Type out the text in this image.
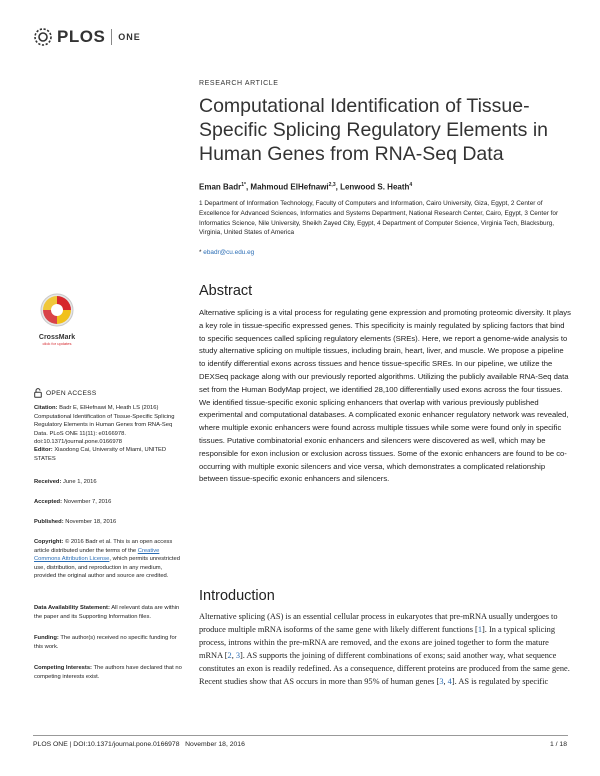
PLOS ONE
RESEARCH ARTICLE
Computational Identification of Tissue-Specific Splicing Regulatory Elements in Human Genes from RNA-Seq Data
Eman Badr$^{1*}$, Mahmoud ElHefnawi$^{2,3}$, Lenwood S. Heath$^4$
1 Department of Information Technology, Faculty of Computers and Information, Cairo University, Giza, Egypt, 2 Center of Excellence for Advanced Sciences, Informatics and Systems Department, National Research Center, Cairo, Egypt, 3 Center for Informatics Science, Nile University, Sheikh Zayed City, Egypt, 4 Department of Computer Science, Virginia Tech, Blacksburg, Virginia, United States of America
* ebadr@cu.edu.eg
Abstract
Alternative splicing is a vital process for regulating gene expression and promoting proteomic diversity. It plays a key role in tissue-specific expressed genes. This specificity is mainly regulated by splicing factors that bind to specific sequences called splicing regulatory elements (SREs). Here, we report a genome-wide analysis to study alternative splicing on multiple tissues, including brain, heart, liver, and muscle. We propose a pipeline to identify differential exons across tissues and hence tissue-specific SREs. In our pipeline, we utilize the DEXSeq package along with our previously reported algorithms. Utilizing the publicly available RNA-Seq data set from the Human BodyMap project, we identified 28,100 differentially used exons across the four tissues. We identified tissue-specific exonic splicing enhancers that overlap with various previously published experimental and computational databases. A complicated exonic enhancer regulatory network was revealed, where multiple exonic enhancers were found across multiple tissues while some were found only in specific tissues. Putative combinatorial exonic enhancers and silencers were discovered as well, which may be responsible for exon inclusion or exclusion across tissues. Some of the exonic enhancers are found to be co-occurring with multiple exonic silencers and vice versa, which demonstrates a complicated relationship between tissue-specific exonic enhancers and silencers.
Introduction
Alternative splicing (AS) is an essential cellular process in eukaryotes that pre-mRNA usually undergoes to produce multiple mRNA isoforms of the same gene with likely different functions [1]. In a typical splicing process, introns within the pre-mRNA are removed, and the exons are joined together to form the mature mRNA [2, 3]. AS supports the joining of different combinations of exons; said another way, what sequence constitutes an exon is readily redefined. As a consequence, different proteins are produced from the same gene. Recent studies show that AS occurs in more than 95% of human genes [3, 4]. AS is regulated by specific
CrossMark
click for updates
OPEN ACCESS
Citation: Badr E, ElHefnawi M, Heath LS (2016) Computational Identification of Tissue-Specific Splicing Regulatory Elements in Human Genes from RNA-Seq Data. PLoS ONE 11(11): e0166978. doi:10.1371/journal.pone.0166978
Editor: Xiaodong Cai, University of Miami, UNITED STATES
Received: June 1, 2016
Accepted: November 7, 2016
Published: November 18, 2016
Copyright: © 2016 Badr et al. This is an open access article distributed under the terms of the Creative Commons Attribution License, which permits unrestricted use, distribution, and reproduction in any medium, provided the original author and source are credited.
Data Availability Statement: All relevant data are within the paper and its Supporting Information files.
Funding: The author(s) received no specific funding for this work.
Competing Interests: The authors have declared that no competing interests exist.
PLOS ONE | DOI:10.1371/journal.pone.0166978   November 18, 2016	1 / 18
